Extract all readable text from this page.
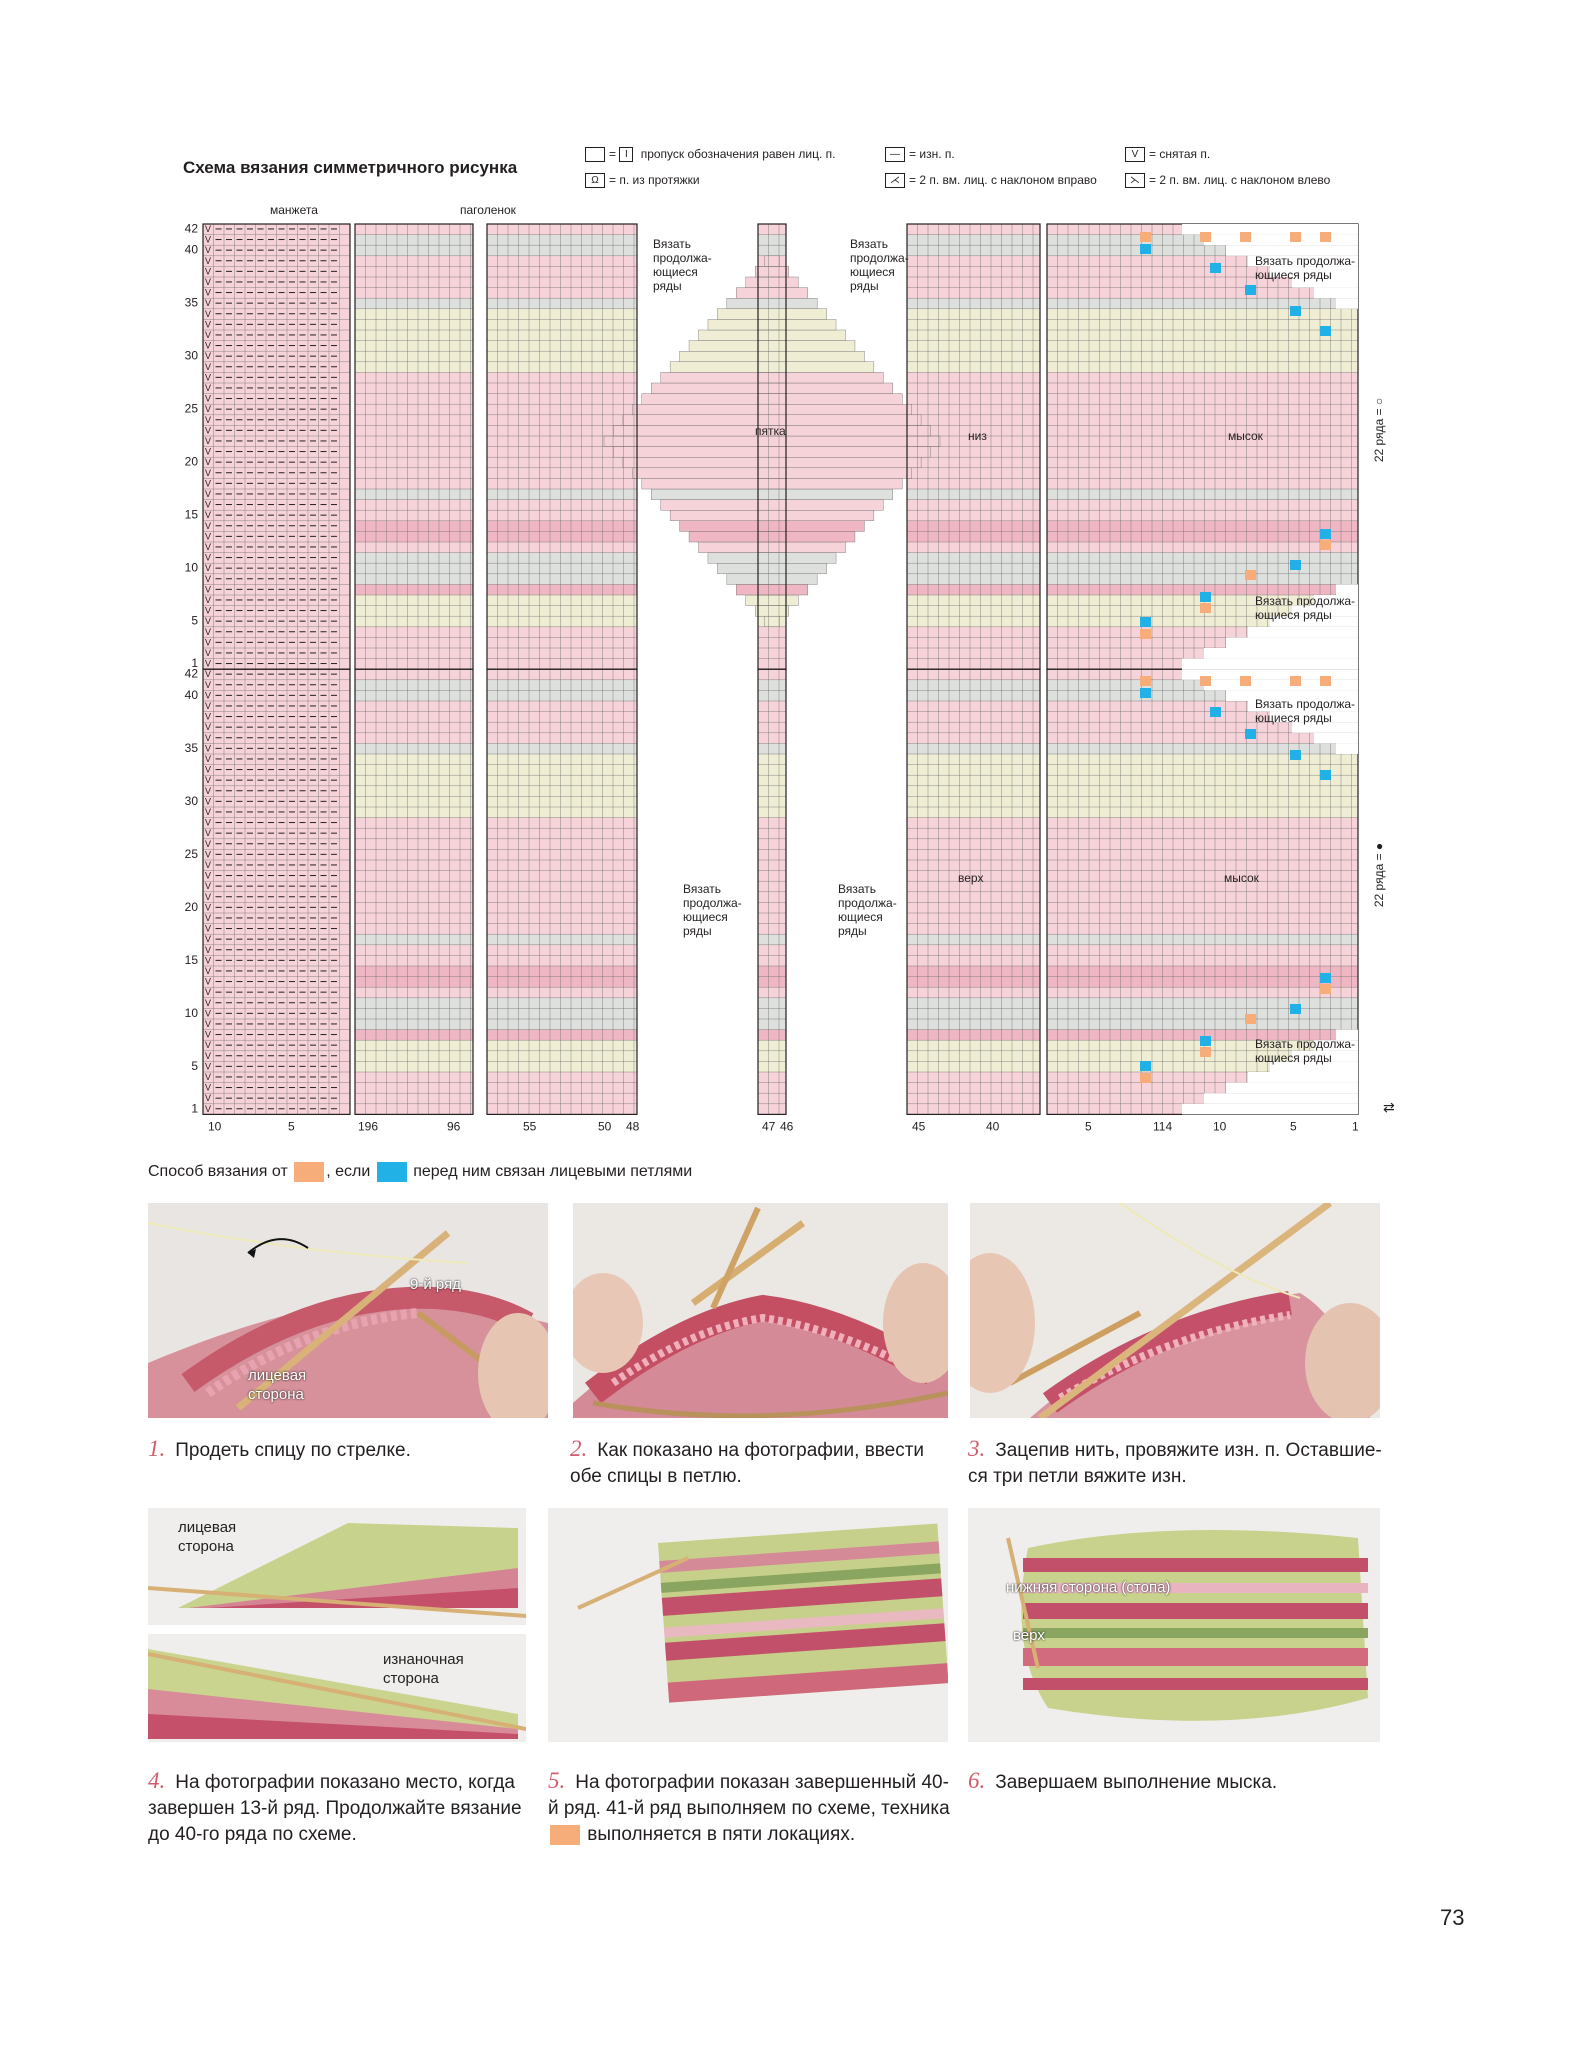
Схема вязания симметричного рисунка
= I пропуск обозначения равен лиц. п.	— = изн. п.	V = снятая п.
Ω = п. из протяжки	⋌ = 2 п. вм. лиц. с наклоном вправо	⋋ = 2 п. вм. лиц. с наклоном влево
V
V
V
V
V
V
V
V
V
V
V
V
V
V
V
V
V
V
V
V
V
V
V
V
V
V
V
V
V
V
V
V
V
V
V
V
V
V
V
V
V
V
V
V
V
V
V
V
V
V
V
V
V
V
V
V
V
V
V
V
V
V
V
V
V
V
V
V
V
V
V
V
V
V
V
V
V
V
V
V
V
V
V
V
42
42
40
40
35
35
30
30
25
25
20
20
15
15
10
10
5
5
1
1
10	5	196	96	55	50 48	47 46	45	40	5	114	10	5	1
пятка	низ	мысок
верх	мысок
Вязать
продолжа-
ющиеся
ряды
Вязать
продолжа-
ющиеся
ряды
Вязать
продолжа-
ющиеся
ряды
Вязать
продолжа-
ющиеся
ряды
Вязать продолжа-
ющиеся ряды
Вязать продолжа-
ющиеся ряды
Вязать продолжа-
ющиеся ряды
Вязать продолжа-
ющиеся ряды
22 ряда = ○
22 ряда = ●
⇄
манжета	паголенок
Способ вязания от , если	перед ним связан лицевыми петлями
9-й ряд
лицевая сторона
1. Продеть спицу по стрелке.	2. Как показано на фотографии, ввести обе спицы в петлю.
3. Зацепив нить, провяжите изн. п. Оставшие-ся три петли вяжите изн.
лицевая сторона
изнаночная сторона
нижняя сторона (стопа)
верх
4. На фотографии показано место, когда завершен 13-й ряд. Продолжайте вязание до 40-го ряда по схеме.
5. На фотографии показан завершенный 40-й ряд. 41-й ряд выполняем по схеме, техника  выполняется в пяти локациях.
6. Завершаем выполнение мыска.
73
